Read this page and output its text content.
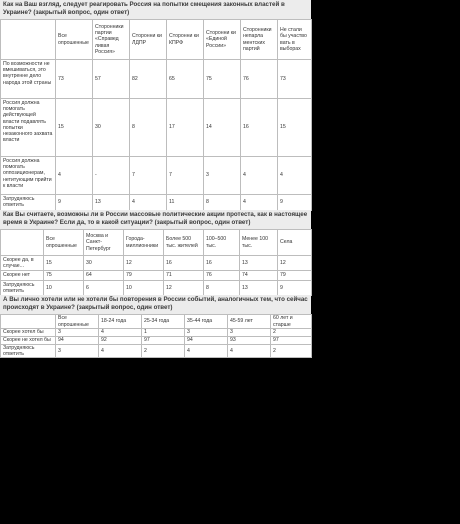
Как на Ваш взгляд, следует реагировать Россия на попытки смещения законных властей в Украине? (закрытый вопрос, один ответ)
	Все опрошенные	Сторонники партии «Справед ливая Россия»	Сторонни ки ЛДПР	Сторонни ки КПРФ	Сторонни ки «Единой России»	Сторонники непарлa ментских партий	Не стали бы участво вать в выборах
По возможности не вмешиваться, это внутренне дело народа этой страны	73	57	82	65	75	76	73
Россия должна помогать действующей власти подавлять попытки незаконного захвата власти	15	30	8	17	14	16	15
Россия должна помогать оппозиционерам, нетитующим прийти к власти	4	-	7	7	3	4	4
Затрудняюсь ответить	9	13	4	11	8	4	9
Как Вы считаете, возможны ли в России массовые политические акции протеста, как в настоящее время в Украине? Если да, то в какой ситуации? (закрытый вопрос, один ответ)
	Все опрошенные	Москва и Санкт-Петербург	Города-миллионники	Более 500 тыс. жителей	100–500 тыс.	Менее 100 тыс.	Села
Скорее да, в случае...	15	30	12	16	16	13	12
Скорее нет	75	64	79	71	76	74	79
Затрудняюсь ответить	10	6	10	12	8	13	9
А Вы лично хотели или не хотели бы повторения в России событий, аналогичных тем, что сейчас происходят в Украине? (закрытый вопрос, один ответ)
	Все опрошенные	18-24 года	25-34 года	35-44 года	45-59 лет	60 лет и старше
Скорее хотел бы	3	4	1	3	3	2
Скорее не хотел бы	94	92	97	94	93	97
Затрудняюсь ответить	3	4	2	4	4	2
